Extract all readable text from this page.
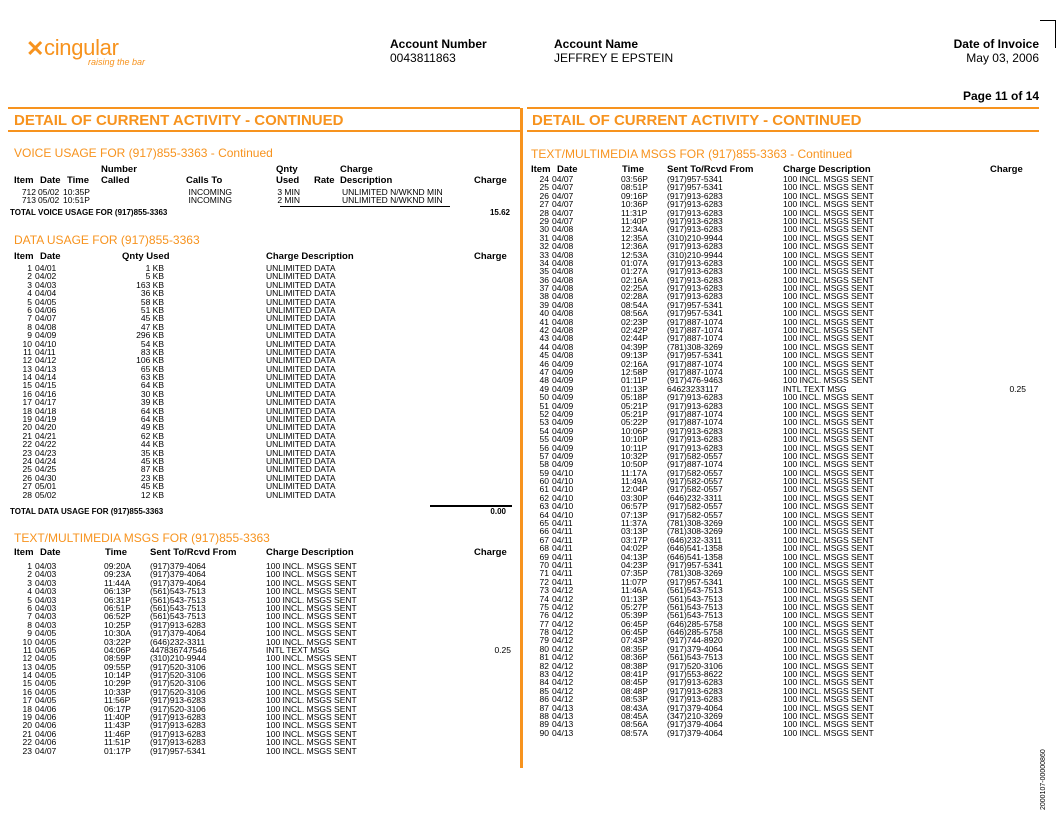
✕ cingular
raising the bar
Account Number
0043811863
Account Name
JEFFREY E EPSTEIN
Date of Invoice
May 03, 2006
Page 11 of 14
DETAIL OF CURRENT ACTIVITY - CONTINUED	DETAIL OF CURRENT ACTIVITY - CONTINUED
VOICE USAGE FOR (917)855-3363 - Continued
Number	Qnty	Charge
Item Date Time Called	Calls To	Used Rate Description	Charge
712 05/02 10:35P	INCOMING	3 MIN	UNLIMITED N/WKND MIN
713 05/02 10:51P	INCOMING	2 MIN	UNLIMITED N/WKND MIN
TOTAL VOICE USAGE FOR (917)855-3363	15.62
DATA USAGE FOR (917)855-3363
Item Date	Qnty Used	Charge Description	Charge
1 04/01	1 KB	UNLIMITED DATA
2 04/02	5 KB	UNLIMITED DATA
3 04/03	163 KB	UNLIMITED DATA
4 04/04	36 KB	UNLIMITED DATA
5 04/05	58 KB	UNLIMITED DATA
6 04/06	51 KB	UNLIMITED DATA
7 04/07	45 KB	UNLIMITED DATA
8 04/08	47 KB	UNLIMITED DATA
9 04/09	296 KB	UNLIMITED DATA
10 04/10	54 KB	UNLIMITED DATA
11 04/11	83 KB	UNLIMITED DATA
12 04/12	106 KB	UNLIMITED DATA
13 04/13	65 KB	UNLIMITED DATA
14 04/14	63 KB	UNLIMITED DATA
15 04/15	64 KB	UNLIMITED DATA
16 04/16	30 KB	UNLIMITED DATA
17 04/17	39 KB	UNLIMITED DATA
18 04/18	64 KB	UNLIMITED DATA
19 04/19	64 KB	UNLIMITED DATA
20 04/20	49 KB	UNLIMITED DATA
21 04/21	62 KB	UNLIMITED DATA
22 04/22	44 KB	UNLIMITED DATA
23 04/23	35 KB	UNLIMITED DATA
24 04/24	45 KB	UNLIMITED DATA
25 04/25	87 KB	UNLIMITED DATA
26 04/30	23 KB	UNLIMITED DATA
27 05/01	45 KB	UNLIMITED DATA
28 05/02	12 KB	UNLIMITED DATA
TOTAL DATA USAGE FOR (917)855-3363	0.00
TEXT/MULTIMEDIA MSGS FOR (917)855-3363
Item Date	Time Sent To/Rcvd From	Charge Description	Charge
1 04/03	09:20A (917)379-4064	100 INCL. MSGS SENT
2 04/03	09:23A (917)379-4064	100 INCL. MSGS SENT
3 04/03	11:44A (917)379-4064	100 INCL. MSGS SENT
4 04/03	06:13P (561)543-7513	100 INCL. MSGS SENT
5 04/03	06:31P (561)543-7513	100 INCL. MSGS SENT
6 04/03	06:51P (561)543-7513	100 INCL. MSGS SENT
7 04/03	06:52P (561)543-7513	100 INCL. MSGS SENT
8 04/03	10:25P (917)913-6283	100 INCL. MSGS SENT
9 04/05	10:30A (917)379-4064	100 INCL. MSGS SENT
10 04/05	03:22P (646)232-3311	100 INCL. MSGS SENT
11 04/05	04:06P 447836747546	INTL TEXT MSG	0.25
12 04/05	08:59P (310)210-9944	100 INCL. MSGS SENT
13 04/05	09:55P (917)520-3106	100 INCL. MSGS SENT
14 04/05	10:14P (917)520-3106	100 INCL. MSGS SENT
15 04/05	10:29P (917)520-3106	100 INCL. MSGS SENT
16 04/05	10:33P (917)520-3106	100 INCL. MSGS SENT
17 04/05	11:56P (917)913-6283	100 INCL. MSGS SENT
18 04/06	06:17P (917)520-3106	100 INCL. MSGS SENT
19 04/06	11:40P (917)913-6283	100 INCL. MSGS SENT
20 04/06	11:43P (917)913-6283	100 INCL. MSGS SENT
21 04/06	11:46P (917)913-6283	100 INCL. MSGS SENT
22 04/06	11:51P (917)913-6283	100 INCL. MSGS SENT
23 04/07	01:17P (917)957-5341	100 INCL. MSGS SENT
TEXT/MULTIMEDIA MSGS FOR (917)855-3363 - Continued
Item Date	Time Sent To/Rcvd From	Charge Description	Charge
24 04/07	03:56P (917)957-5341	100 INCL. MSGS SENT
25 04/07	08:51P (917)957-5341	100 INCL. MSGS SENT
26 04/07	09:16P (917)913-6283	100 INCL. MSGS SENT
27 04/07	10:36P (917)913-6283	100 INCL. MSGS SENT
28 04/07	11:31P (917)913-6283	100 INCL. MSGS SENT
29 04/07	11:40P (917)913-6283	100 INCL. MSGS SENT
30 04/08	12:34A (917)913-6283	100 INCL. MSGS SENT
31 04/08	12:35A (310)210-9944	100 INCL. MSGS SENT
32 04/08	12:36A (917)913-6283	100 INCL. MSGS SENT
33 04/08	12:53A (310)210-9944	100 INCL. MSGS SENT
34 04/08	01:07A (917)913-6283	100 INCL. MSGS SENT
35 04/08	01:27A (917)913-6283	100 INCL. MSGS SENT
36 04/08	02:16A (917)913-6283	100 INCL. MSGS SENT
37 04/08	02:25A (917)913-6283	100 INCL. MSGS SENT
38 04/08	02:28A (917)913-6283	100 INCL. MSGS SENT
39 04/08	08:54A (917)957-5341	100 INCL. MSGS SENT
40 04/08	08:56A (917)957-5341	100 INCL. MSGS SENT
41 04/08	02:23P (917)887-1074	100 INCL. MSGS SENT
42 04/08	02:42P (917)887-1074	100 INCL. MSGS SENT
43 04/08	02:44P (917)887-1074	100 INCL. MSGS SENT
44 04/08	04:39P (781)308-3269	100 INCL. MSGS SENT
45 04/08	09:13P (917)957-5341	100 INCL. MSGS SENT
46 04/09	02:16A (917)887-1074	100 INCL. MSGS SENT
47 04/09	12:58P (917)887-1074	100 INCL. MSGS SENT
48 04/09	01:11P (917)476-9463	100 INCL. MSGS SENT
49 04/09	01:13P 64623233117	INTL TEXT MSG	0.25
50 04/09	05:18P (917)913-6283	100 INCL. MSGS SENT
51 04/09	05:21P (917)913-6283	100 INCL. MSGS SENT
52 04/09	05:21P (917)887-1074	100 INCL. MSGS SENT
53 04/09	05:22P (917)887-1074	100 INCL. MSGS SENT
54 04/09	10:06P (917)913-6283	100 INCL. MSGS SENT
55 04/09	10:10P (917)913-6283	100 INCL. MSGS SENT
56 04/09	10:11P (917)913-6283	100 INCL. MSGS SENT
57 04/09	10:32P (917)582-0557	100 INCL. MSGS SENT
58 04/09	10:50P (917)887-1074	100 INCL. MSGS SENT
59 04/10	11:17A (917)582-0557	100 INCL. MSGS SENT
60 04/10	11:49A (917)582-0557	100 INCL. MSGS SENT
61 04/10	12:04P (917)582-0557	100 INCL. MSGS SENT
62 04/10	03:30P (646)232-3311	100 INCL. MSGS SENT
63 04/10	06:57P (917)582-0557	100 INCL. MSGS SENT
64 04/10	07:13P (917)582-0557	100 INCL. MSGS SENT
65 04/11	11:37A (781)308-3269	100 INCL. MSGS SENT
66 04/11	03:13P (781)308-3269	100 INCL. MSGS SENT
67 04/11	03:17P (646)232-3311	100 INCL. MSGS SENT
68 04/11	04:02P (646)541-1358	100 INCL. MSGS SENT
69 04/11	04:13P (646)541-1358	100 INCL. MSGS SENT
70 04/11	04:23P (917)957-5341	100 INCL. MSGS SENT
71 04/11	07:35P (781)308-3269	100 INCL. MSGS SENT
72 04/11	11:07P (917)957-5341	100 INCL. MSGS SENT
73 04/12	11:46A (561)543-7513	100 INCL. MSGS SENT
74 04/12	01:13P (561)543-7513	100 INCL. MSGS SENT
75 04/12	05:27P (561)543-7513	100 INCL. MSGS SENT
76 04/12	05:39P (561)543-7513	100 INCL. MSGS SENT
77 04/12	06:45P (646)285-5758	100 INCL. MSGS SENT
78 04/12	06:45P (646)285-5758	100 INCL. MSGS SENT
79 04/12	07:43P (917)744-8920	100 INCL. MSGS SENT
80 04/12	08:35P (917)379-4064	100 INCL. MSGS SENT
81 04/12	08:36P (561)543-7513	100 INCL. MSGS SENT
82 04/12	08:38P (917)520-3106	100 INCL. MSGS SENT
83 04/12	08:41P (917)553-8622	100 INCL. MSGS SENT
84 04/12	08:45P (917)913-6283	100 INCL. MSGS SENT
85 04/12	08:48P (917)913-6283	100 INCL. MSGS SENT
86 04/12	08:53P (917)913-6283	100 INCL. MSGS SENT
87 04/13	08:43A (917)379-4064	100 INCL. MSGS SENT
88 04/13	08:45A (347)210-3269	100 INCL. MSGS SENT
89 04/13	08:56A (917)379-4064	100 INCL. MSGS SENT
90 04/13	08:57A (917)379-4064	100 INCL. MSGS SENT
2000107-00000860
